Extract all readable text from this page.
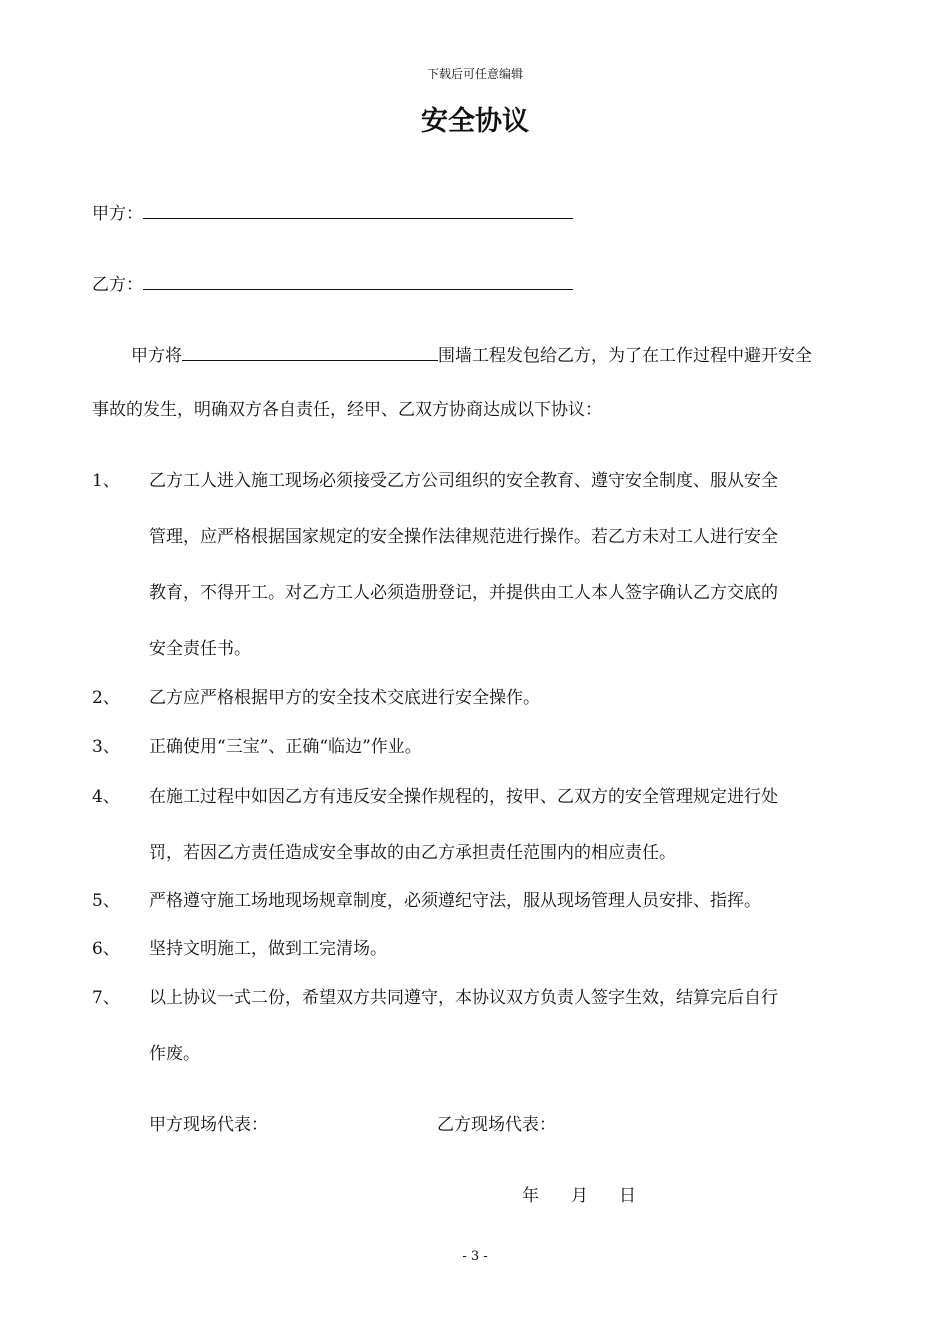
下载后可任意编辑
安全协议
甲方：
乙方：
甲方将	围墙工程发包给乙方，为了在工作过程中避开安全
事故的发生，明确双方各自责任，经甲、乙双方协商达成以下协议：
1、 乙方工人进入施工现场必须接受乙方公司组织的安全教育、遵守安全制度、服从安全
管理，应严格根据国家规定的安全操作法律规范进行操作。若乙方未对工人进行安全
教育，不得开工。对乙方工人必须造册登记，并提供由工人本人签字确认乙方交底的
安全责任书。
2、 乙方应严格根据甲方的安全技术交底进行安全操作。
3、 正确使用“三宝”、正确“临边”作业。
4、 在施工过程中如因乙方有违反安全操作规程的，按甲、乙双方的安全管理规定进行处
罚，若因乙方责任造成安全事故的由乙方承担责任范围内的相应责任。
5、 严格遵守施工场地现场规章制度，必须遵纪守法，服从现场管理人员安排、指挥。
6、 坚持文明施工，做到工完清场。
7、 以上协议一式二份，希望双方共同遵守，本协议双方负责人签字生效，结算完后自行
作废。
甲方现场代表：	乙方现场代表：
年 月 日
- 3 -
